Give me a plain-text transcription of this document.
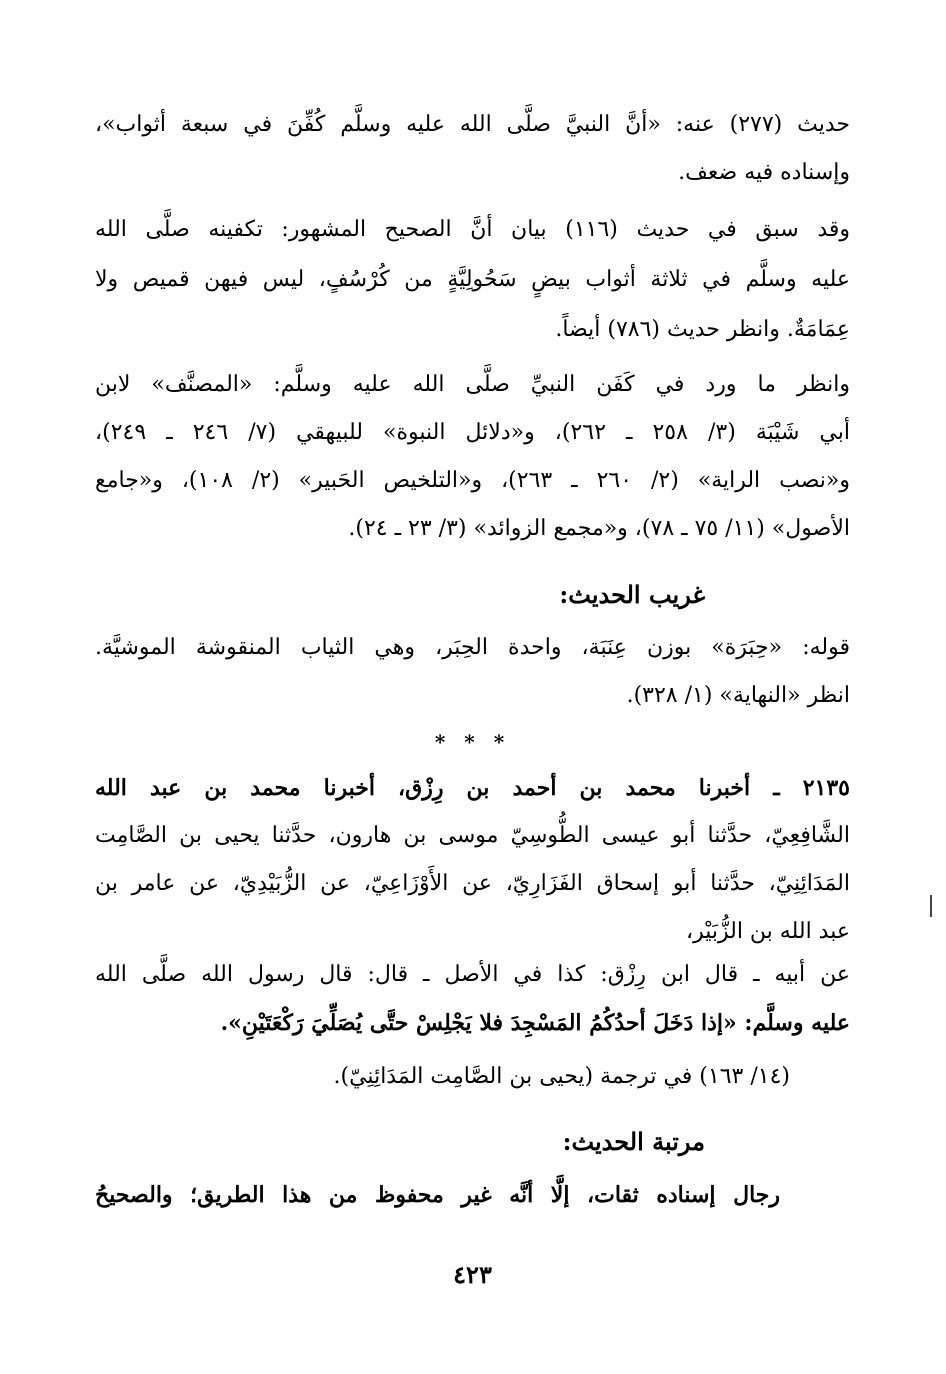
حديث (٢٧٧) عنه: «أنَّ النبيَّ صلَّى الله عليه وسلَّم كُفِّنَ في سبعة أثواب»،
وإسناده فيه ضعف.
وقد سبق في حديث (١١٦) بيان أنَّ الصحيح المشهور: تكفينه صلَّى الله
عليه وسلَّم في ثلاثة أثواب بيضٍ سَحُولِيَّةٍ من كُرْسُفٍ، ليس فيهن قميص ولا
عِمَامَةٌ. وانظر حديث (٧٨٦) أيضاً.
وانظر ما ورد في كَفَن النبيِّ صلَّى الله عليه وسلَّم: «المصنَّف» لابن
أبي شَيْبَة (٣/ ٢٥٨ ـ ٢٦٢)، و«دلائل النبوة» للبيهقي (٧/ ٢٤٦ ـ ٢٤٩)،
و«نصب الراية» (٢/ ٢٦٠ ـ ٢٦٣)، و«التلخيص الحَبير» (٢/ ١٠٨)، و«جامع
الأصول» (١١/ ٧٥ ـ ٧٨)، و«مجمع الزوائد» (٣/ ٢٣ ـ ٢٤).
غريب الحديث:
قوله: «حِبَرَة» بوزن عِنَبَة، واحدة الحِبَر، وهي الثياب المنقوشة الموشيَّة.
انظر «النهاية» (١/ ٣٢٨).
* * *
٢١٣٥ ـ أخبرنا محمد بن أحمد بن رِزْق، أخبرنا محمد بن عبد الله
الشَّافِعِيّ، حدَّثنا أبو عيسى الطُّوسِيّ موسى بن هارون، حدَّثنا يحيى بن الصَّامِت
المَدَائِنِيّ، حدَّثنا أبو إسحاق الفَزَارِيّ، عن الأَوْزَاعِيّ، عن الزُّبَيْدِيّ، عن عامر بن
عبد الله بن الزُّبَيْر،
عن أبيه ـ قال ابن رِزْق: كذا في الأصل ـ قال: قال رسول الله صلَّى الله
عليه وسلَّم: «إذا دَخَلَ أحدُكُمُ المَسْجِدَ فلا يَجْلِسْ حتَّى يُصَلِّيَ رَكْعَتَيْنِ».
(١٤/ ١٦٣) في ترجمة (يحيى بن الصَّامِت المَدَائِنِيّ).
مرتبة الحديث:
رجال إسناده ثقات، إلَّا أنَّه غير محفوظ من هذا الطريق؛ والصحيحُ
٤٢٣
